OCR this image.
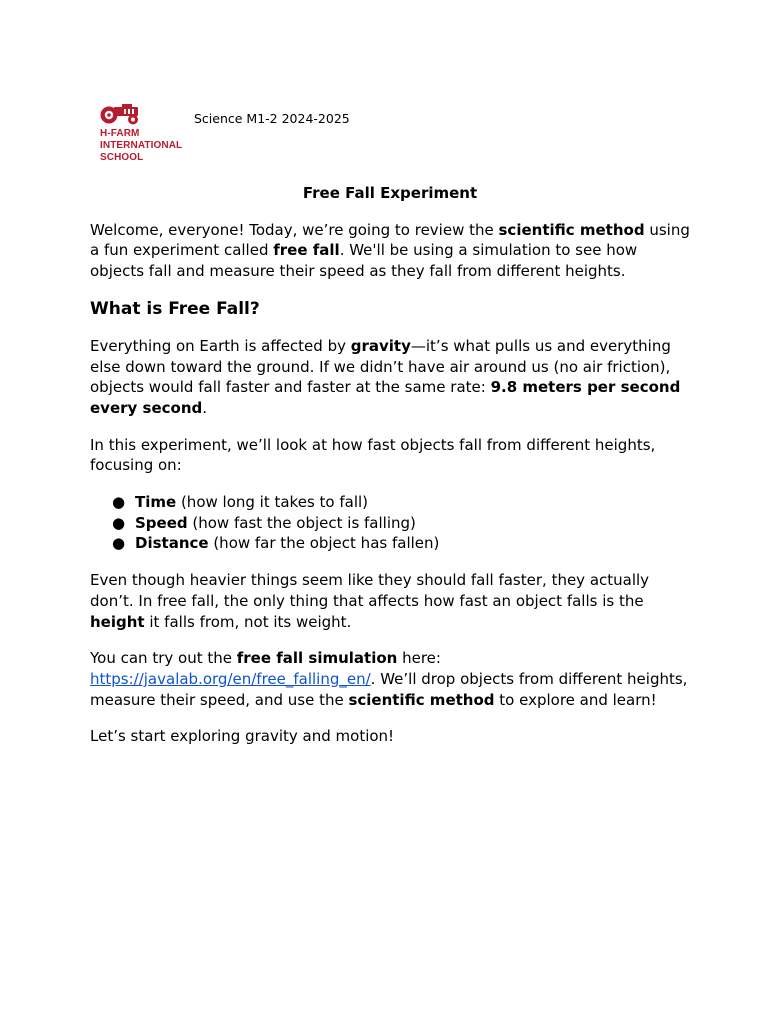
H-FARM
INTERNATIONAL
SCHOOL
Science M1-2 2024-2025
Free Fall Experiment

Welcome, everyone! Today, we’re going to review the scientific method using a fun experiment called free fall. We'll be using a simulation to see how objects fall and measure their speed as they fall from different heights.

What is Free Fall?

Everything on Earth is affected by gravity—it’s what pulls us and everything else down toward the ground. If we didn’t have air around us (no air friction), objects would fall faster and faster at the same rate: 9.8 meters per second every second.

In this experiment, we’ll look at how fast objects fall from different heights, focusing on:

● Time (how long it takes to fall)
● Speed (how fast the object is falling)
● Distance (how far the object has fallen)

Even though heavier things seem like they should fall faster, they actually don’t. In free fall, the only thing that affects how fast an object falls is the height it falls from, not its weight.

You can try out the free fall simulation here:
https://javalab.org/en/free_falling_en/. We’ll drop objects from different heights, measure their speed, and use the scientific method to explore and learn!

Let’s start exploring gravity and motion!
